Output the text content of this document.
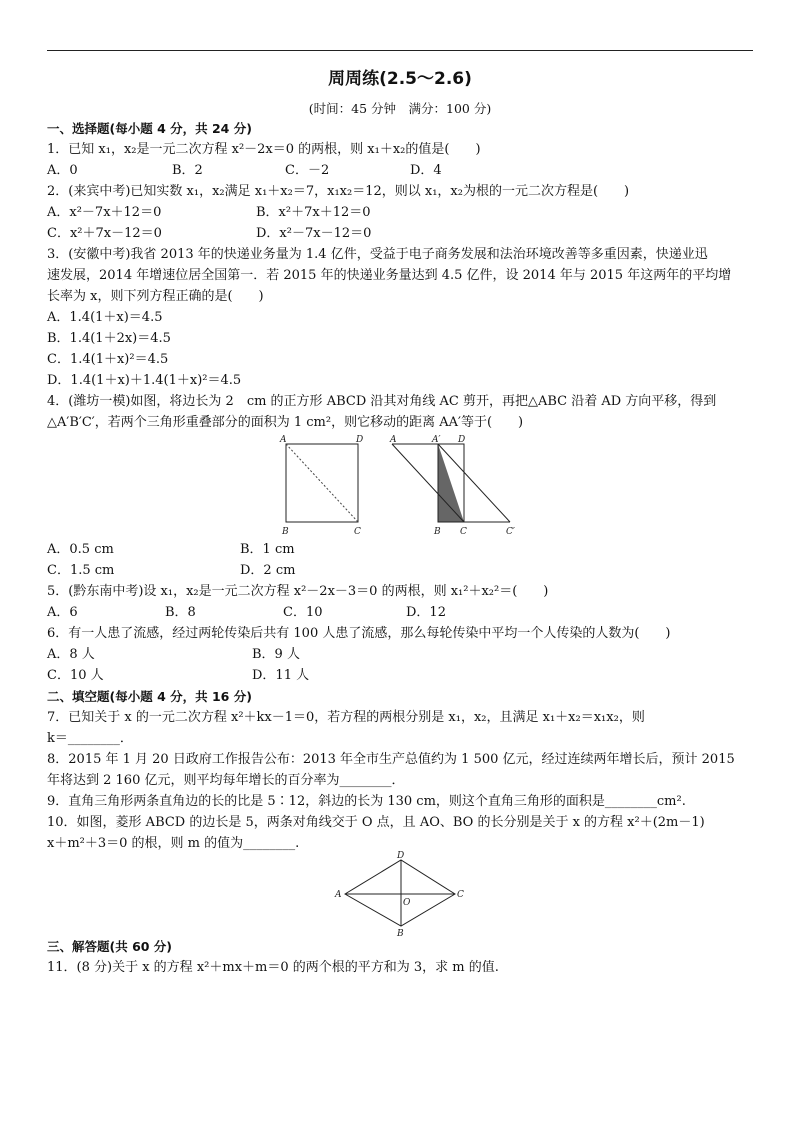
周周练(2.5～2.6)
(时间：45 分钟　满分：100 分)
一、选择题(每小题 4 分，共 24 分)
1．已知 x₁，x₂是一元二次方程 x²－2x＝0 的两根，则 x₁＋x₂的值是(　　)
A．0	B．2	C．－2	D．4
2．(来宾中考)已知实数 x₁，x₂满足 x₁＋x₂＝7，x₁x₂＝12，则以 x₁，x₂为根的一元二次方程是(　　)
A．x²－7x＋12＝0	B．x²＋7x＋12＝0
C．x²＋7x－12＝0	D．x²－7x－12＝0
3．(安徽中考)我省 2013 年的快递业务量为 1.4 亿件，受益于电子商务发展和法治环境改善等多重因素，快递业迅
速发展，2014 年增速位居全国第一．若 2015 年的快递业务量达到 4.5 亿件，设 2014 年与 2015 年这两年的平均增
长率为 x，则下列方程正确的是(　　)
A．1.4(1＋x)＝4.5
B．1.4(1＋2x)＝4.5
C．1.4(1＋x)²＝4.5
D．1.4(1＋x)＋1.4(1＋x)²＝4.5
4．(潍坊一模)如图，将边长为 2　cm 的正方形 ABCD 沿其对角线 AC 剪开，再把△ABC 沿着 AD 方向平移，得到
△A′B′C′，若两个三角形重叠部分的面积为 1 cm²，则它移动的距离 AA′等于(　　)
A	D
B	C
A	A′ D
B C	C′
A．0.5 cm	B．1 cm
C．1.5 cm	D．2 cm
5．(黔东南中考)设 x₁，x₂是一元二次方程 x²－2x－3＝0 的两根，则 x₁²＋x₂²＝(　　)
A．6	B．8	C．10	D．12
6．有一人患了流感，经过两轮传染后共有 100 人患了流感，那么每轮传染中平均一个人传染的人数为(　　)
A．8 人	B．9 人
C．10 人	D．11 人
二、填空题(每小题 4 分，共 16 分)
7．已知关于 x 的一元二次方程 x²＋kx－1＝0，若方程的两根分别是 x₁，x₂，且满足 x₁＋x₂＝x₁x₂，则
k＝________．
8．2015 年 1 月 20 日政府工作报告公布：2013 年全市生产总值约为 1 500 亿元，经过连续两年增长后，预计 2015
年将达到 2 160 亿元，则平均每年增长的百分率为________．
9．直角三角形两条直角边的长的比是 5∶12，斜边的长为 130 cm，则这个直角三角形的面积是________cm².
10．如图，菱形 ABCD 的边长是 5，两条对角线交于 O 点，且 AO、BO 的长分别是关于 x 的方程 x²＋(2m－1)
x＋m²＋3＝0 的根，则 m 的值为________.
A
D
C
B
O
三、解答题(共 60 分)
11．(8 分)关于 x 的方程 x²＋mx＋m＝0 的两个根的平方和为 3，求 m 的值.
